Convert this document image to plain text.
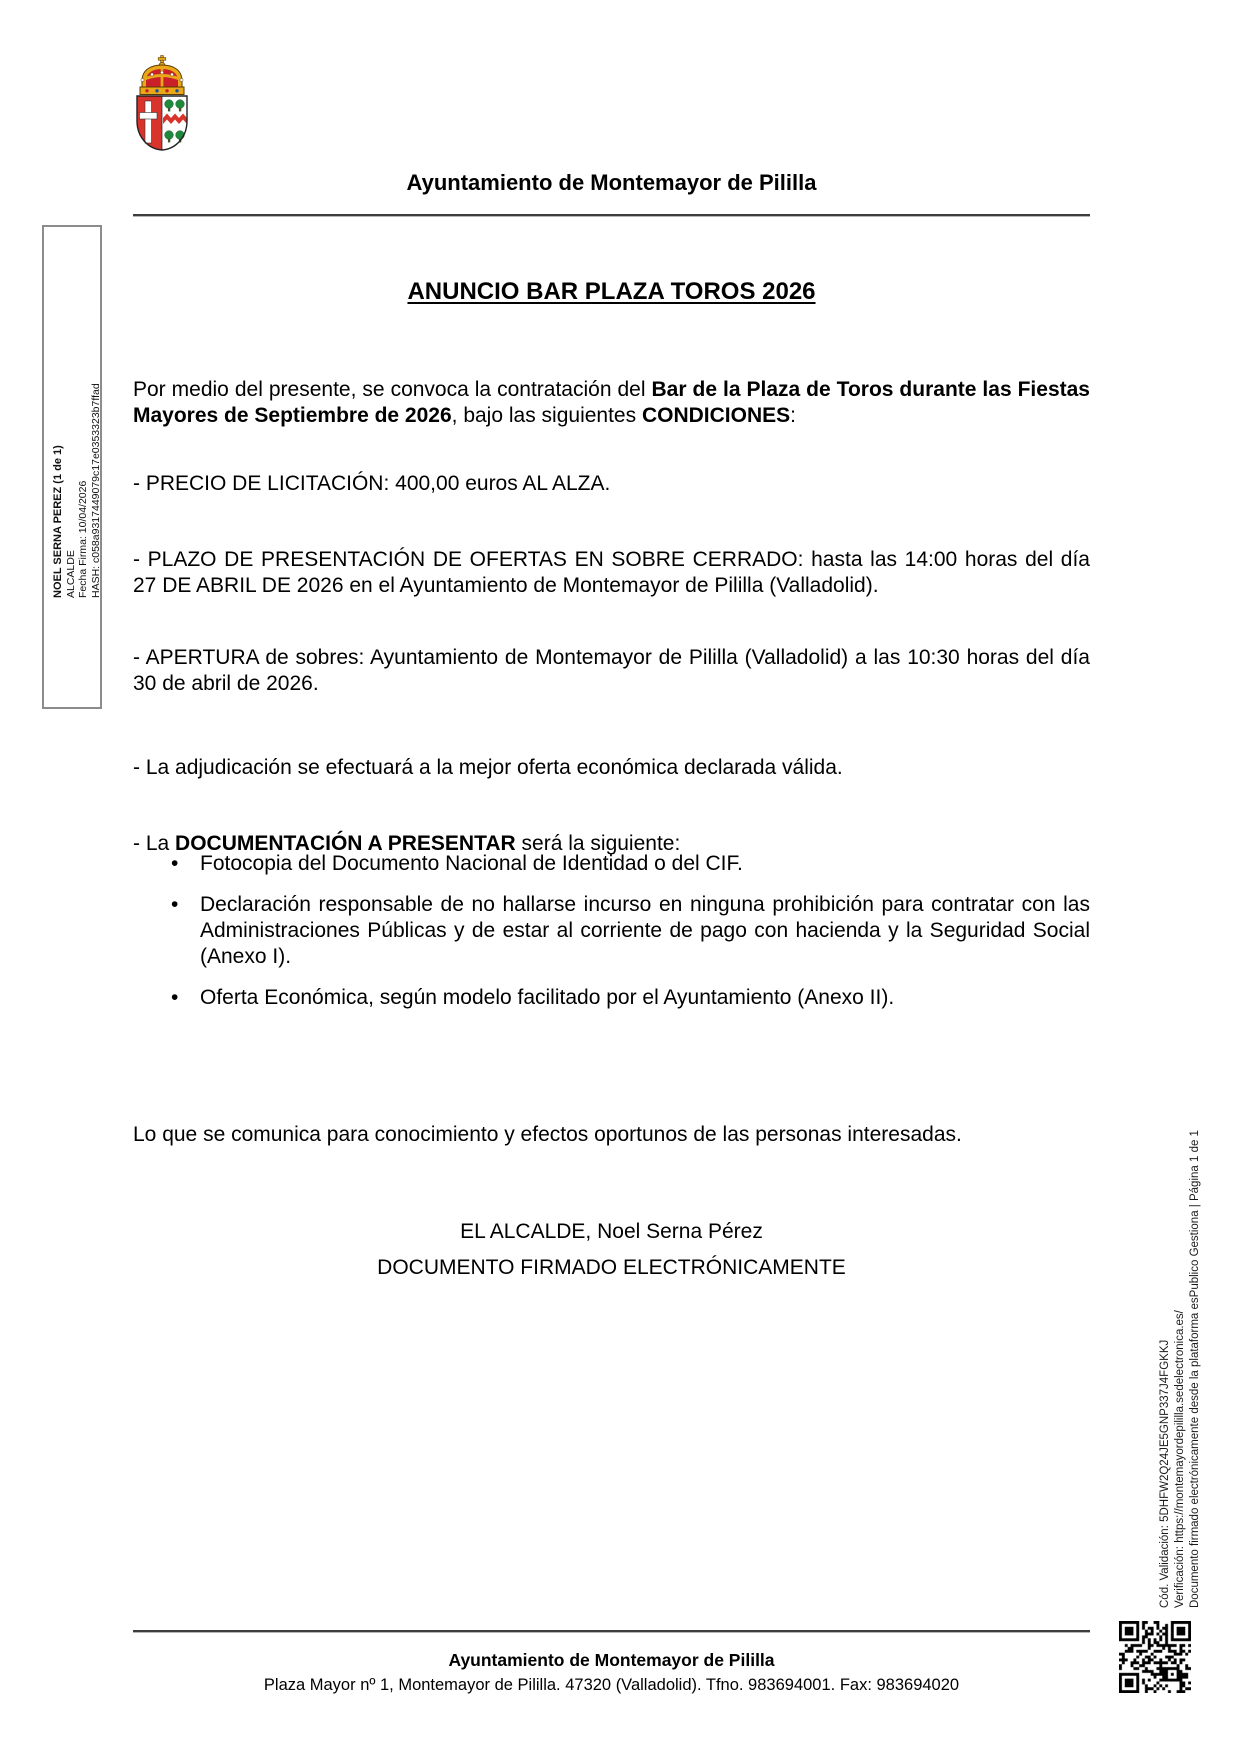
Ayuntamiento de Montemayor de Pililla
ANUNCIO BAR PLAZA TOROS 2026

Por medio del presente, se convoca la contratación del Bar de la Plaza de Toros durante las Fiestas Mayores de Septiembre de 2026, bajo las siguientes CONDICIONES:

- PRECIO DE LICITACIÓN: 400,00 euros AL ALZA.

- PLAZO DE PRESENTACIÓN DE OFERTAS EN SOBRE CERRADO: hasta las 14:00 horas del día 27 DE ABRIL DE 2026 en el Ayuntamiento de Montemayor de Pililla (Valladolid).

- APERTURA de sobres: Ayuntamiento de Montemayor de Pililla (Valladolid) a las 10:30 horas del día 30 de abril de 2026.

- La adjudicación se efectuará a la mejor oferta económica declarada válida.

- La DOCUMENTACIÓN A PRESENTAR será la siguiente:

• Fotocopia del Documento Nacional de Identidad o del CIF.
• Declaración responsable de no hallarse incurso en ninguna prohibición para contratar con las Administraciones Públicas y de estar al corriente de pago con hacienda y la Seguridad Social (Anexo I).
• Oferta Económica, según modelo facilitado por el Ayuntamiento (Anexo II).

Lo que se comunica para conocimiento y efectos oportunos de las personas interesadas.

EL ALCALDE, Noel Serna Pérez
DOCUMENTO FIRMADO ELECTRÓNICAMENTE
NOEL SERNA PEREZ (1 de 1) ALCALDE Fecha Firma: 10/04/2026 HASH: c058a9317449079c17e0353323b7ffad
Cód. Validación: 5DHFW2Q24JE5GNP337J4FGKKJ Verificación: https://montemayordepililla.sedelectronica.es/ Documento firmado electrónicamente desde la plataforma esPublico Gestiona | Página 1 de 1
Ayuntamiento de Montemayor de Pililla
Plaza Mayor nº 1, Montemayor de Pililla. 47320 (Valladolid). Tfno. 983694001. Fax: 983694020
